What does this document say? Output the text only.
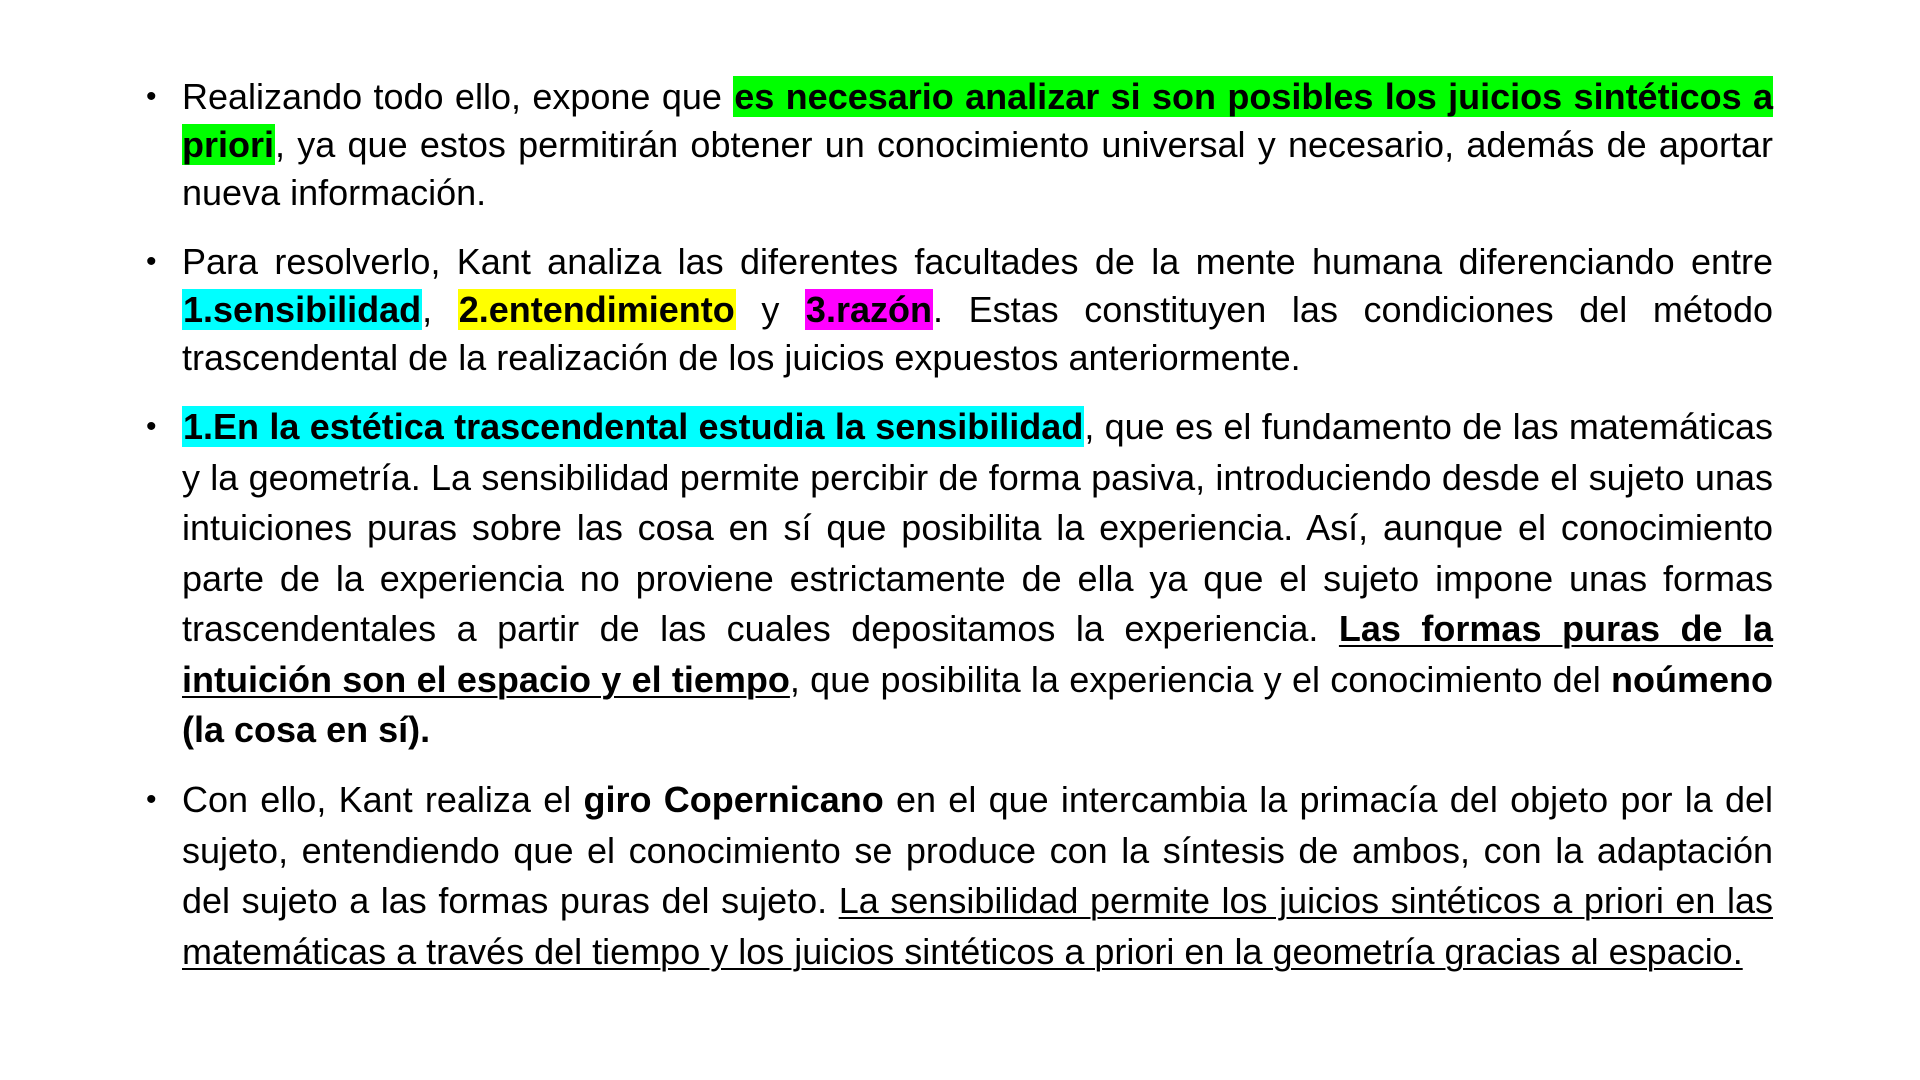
• Realizando todo ello, expone que es necesario analizar si son posibles los juicios sintéticos a priori, ya que estos permitirán obtener un conocimiento universal y necesario, además de aportar nueva información.
• Para resolverlo, Kant analiza las diferentes facultades de la mente humana diferenciando entre 1.sensibilidad, 2.entendimiento y 3.razón. Estas constituyen las condiciones del método trascendental de la realización de los juicios expuestos anteriormente.
• 1.En la estética trascendental estudia la sensibilidad, que es el fundamento de las matemáticas y la geometría. La sensibilidad permite percibir de forma pasiva, introduciendo desde el sujeto unas intuiciones puras sobre las cosa en sí que posibilita la experiencia. Así, aunque el conocimiento parte de la experiencia no proviene estrictamente de ella ya que el sujeto impone unas formas trascendentales a partir de las cuales depositamos la experiencia. Las formas puras de la intuición son el espacio y el tiempo, que posibilita la experiencia y el conocimiento del noúmeno (la cosa en sí).
• Con ello, Kant realiza el giro Copernicano en el que intercambia la primacía del objeto por la del sujeto, entendiendo que el conocimiento se produce con la síntesis de ambos, con la adaptación del sujeto a las formas puras del sujeto. La sensibilidad permite los juicios sintéticos a priori en las matemáticas a través del tiempo y los juicios sintéticos a priori en la geometría gracias al espacio.
